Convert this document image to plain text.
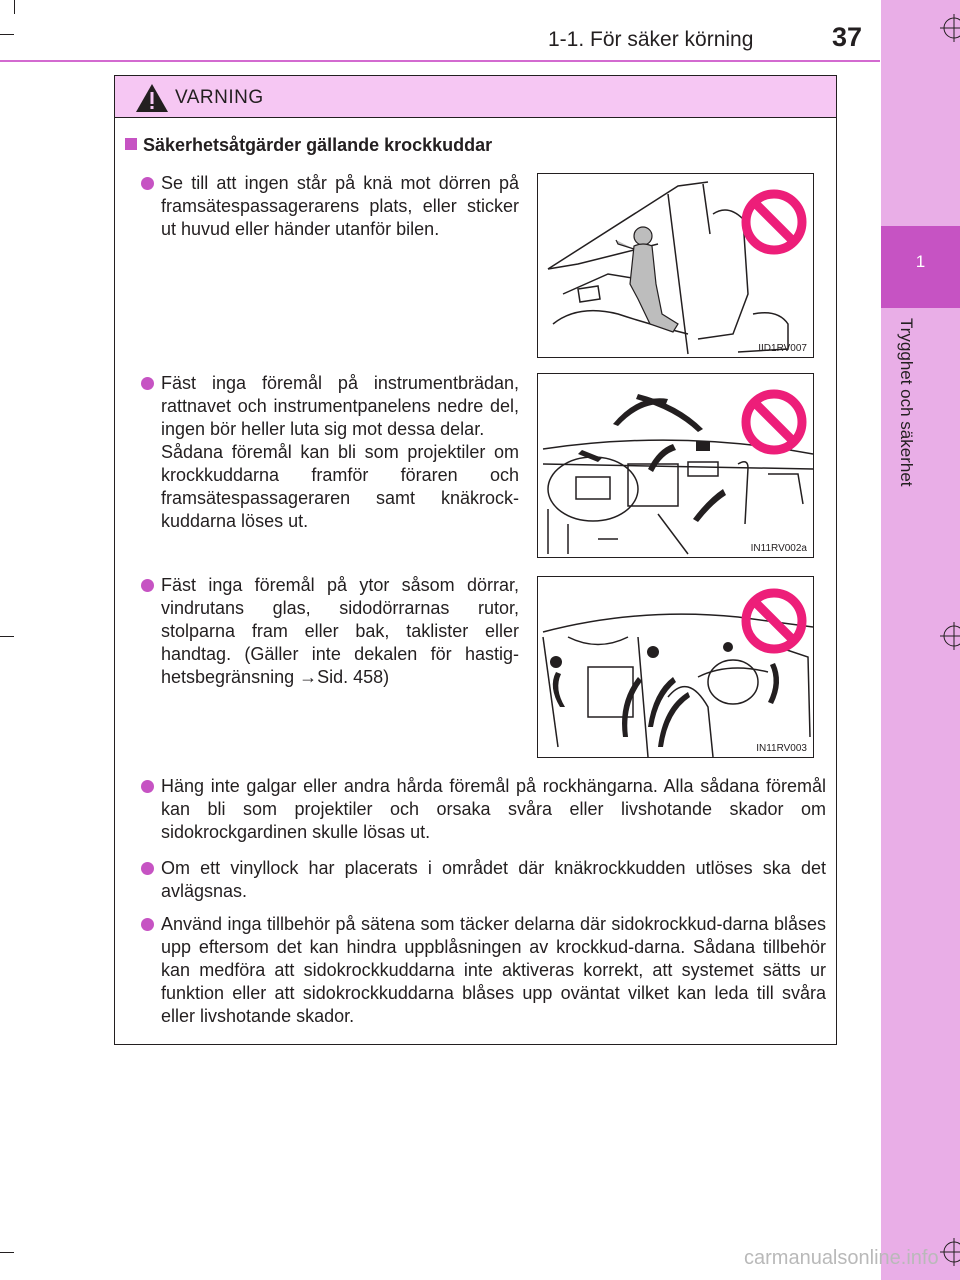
1
Trygghet och säkerhet
1-1. För säker körning	37
VARNING
Säkerhetsåtgärder gällande krockkuddar

Se till att ingen står på knä mot dörren på framsätespassagerarens plats, eller sticker ut huvud eller händer utanför bilen.

IID1RV007

Fäst inga föremål på instrumentbrädan, rattnavet och instrumentpanelens nedre del, ingen bör heller luta sig mot dessa delar.
Sådana föremål kan bli som projektiler om krockkuddarna framför föraren och framsätespassageraren samt knäkrock-kuddarna löses ut.

IN11RV002a

Fäst inga föremål på ytor såsom dörrar, vindrutans glas, sidodörrarnas rutor, stolparna fram eller bak, taklister eller handtag. (Gäller inte dekalen för hastig-hetsbegränsning →Sid. 458)

IN11RV003

Häng inte galgar eller andra hårda föremål på rockhängarna. Alla sådana föremål kan bli som projektiler och orsaka svåra eller livshotande skador om sidokrockgardinen skulle lösas ut.

Om ett vinyllock har placerats i området där knäkrockkudden utlöses ska det avlägsnas.

Använd inga tillbehör på sätena som täcker delarna där sidokrockkud-darna blåses upp eftersom det kan hindra uppblåsningen av krockkud-darna. Sådana tillbehör kan medföra att sidokrockkuddarna inte aktiveras korrekt, att systemet sätts ur funktion eller att sidokrockkuddarna blåses upp oväntat vilket kan leda till svåra eller livshotande skador.

carmanualsonline.info
